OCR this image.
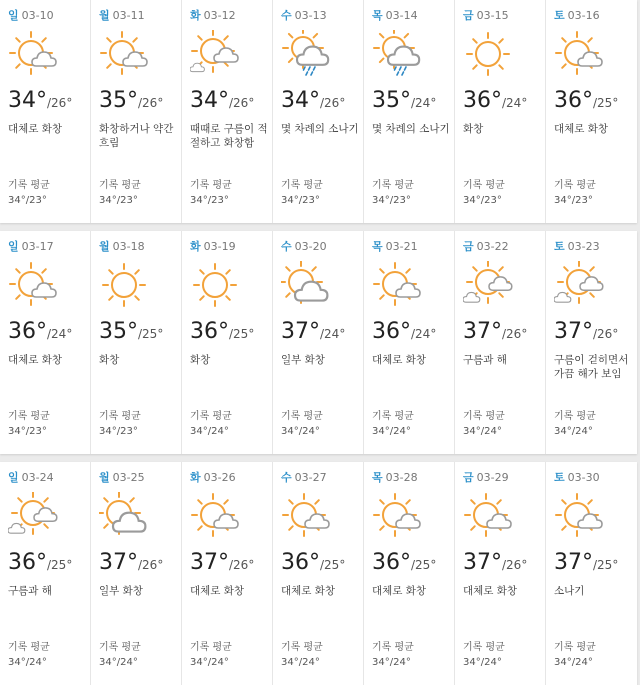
일 03-10
34°/26°
대체로 화창
기록 평균
34°/23°
월 03-11
35°/26°
화창하거나 약간 흐림
기록 평균
34°/23°
화 03-12
34°/26°
때때로 구름이 적절하고 화창함
기록 평균
34°/23°
수 03-13
34°/26°
몇 차례의 소나기
기록 평균
34°/23°
목 03-14
35°/24°
몇 차례의 소나기
기록 평균
34°/23°
금 03-15
36°/24°
화창
기록 평균
34°/23°
토 03-16
36°/25°
대체로 화창
기록 평균
34°/23°
일 03-17
36°/24°
대체로 화창
기록 평균
34°/23°
월 03-18
35°/25°
화창
기록 평균
34°/23°
화 03-19
36°/25°
화창
기록 평균
34°/24°
수 03-20
37°/24°
일부 화창
기록 평균
34°/24°
목 03-21
36°/24°
대체로 화창
기록 평균
34°/24°
금 03-22
37°/26°
구름과 해
기록 평균
34°/24°
토 03-23
37°/26°
구름이 걷히면서 가끔 해가 보임
기록 평균
34°/24°
일 03-24
36°/25°
구름과 해
기록 평균
34°/24°
월 03-25
37°/26°
일부 화창
기록 평균
34°/24°
화 03-26
37°/26°
대체로 화창
기록 평균
34°/24°
수 03-27
36°/25°
대체로 화창
기록 평균
34°/24°
목 03-28
36°/25°
대체로 화창
기록 평균
34°/24°
금 03-29
37°/26°
대체로 화창
기록 평균
34°/24°
토 03-30
37°/25°
소나기
기록 평균
34°/24°
